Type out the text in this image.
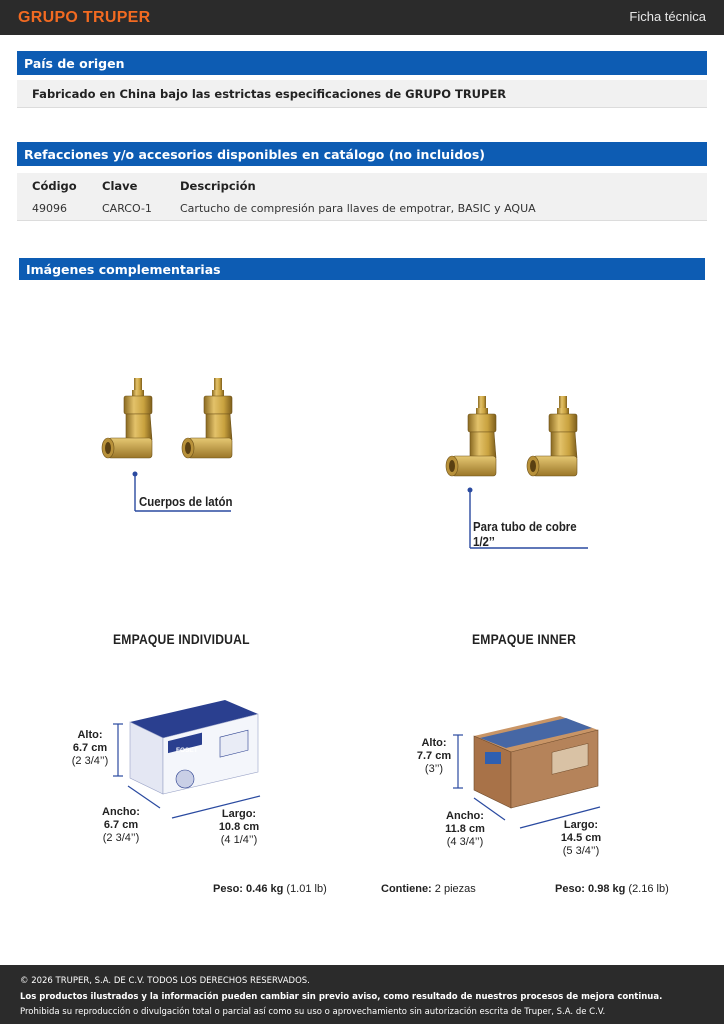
GRUPO TRUPER	Ficha técnica
País de origen
Fabricado en China bajo las estrictas especificaciones de GRUPO TRUPER
Refacciones y/o accesorios disponibles en catálogo (no incluidos)
Código Clave	Descripción
49096	CARCO-1	Cartucho de compresión para llaves de empotrar, BASIC y AQUA
Imágenes complementarias
FOSET
Cuerpos de latón
Para tubo de cobre
1/2’’
EMPAQUE INDIVIDUAL	EMPAQUE INNER
Alto:
6.7 cm
(2 3/4’’)
Ancho:
6.7 cm
(2 3/4’’)
Largo:
10.8 cm
(4 1/4’’)
Alto:
7.7 cm
(3’’)
Ancho:
11.8 cm
(4 3/4’’)
Largo:
14.5 cm
(5 3/4’’)
Peso: 0.46 kg (1.01 lb)	Contiene: 2 piezas	Peso: 0.98 kg (2.16 lb)
© 2026 TRUPER, S.A. DE C.V. TODOS LOS DERECHOS RESERVADOS.
Los productos ilustrados y la información pueden cambiar sin previo aviso, como resultado de nuestros procesos de mejora continua.
Prohibida su reproducción o divulgación total o parcial así como su uso o aprovechamiento sin autorización escrita de Truper, S.A. de C.V.
